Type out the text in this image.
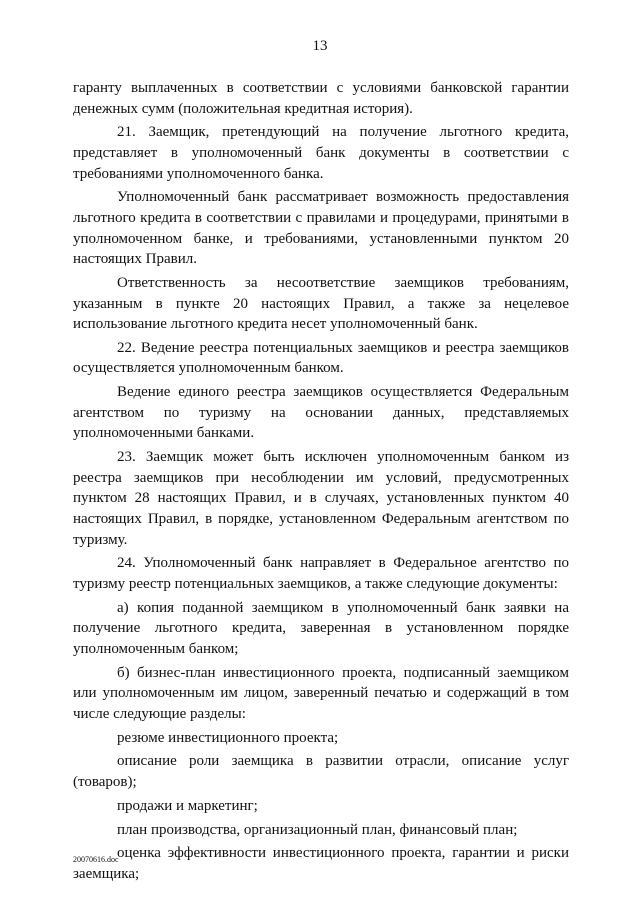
13

гаранту выплаченных в соответствии с условиями банковской гарантии денежных сумм (положительная кредитная история).

21. Заемщик, претендующий на получение льготного кредита, представляет в уполномоченный банк документы в соответствии с требованиями уполномоченного банка.

Уполномоченный банк рассматривает возможность предоставления льготного кредита в соответствии с правилами и процедурами, принятыми в уполномоченном банке, и требованиями, установленными пунктом 20 настоящих Правил.

Ответственность за несоответствие заемщиков требованиям, указанным в пункте 20 настоящих Правил, а также за нецелевое использование льготного кредита несет уполномоченный банк.

22. Ведение реестра потенциальных заемщиков и реестра заемщиков осуществляется уполномоченным банком.

Ведение единого реестра заемщиков осуществляется Федеральным агентством по туризму на основании данных, представляемых уполномоченными банками.

23. Заемщик может быть исключен уполномоченным банком из реестра заемщиков при несоблюдении им условий, предусмотренных пунктом 28 настоящих Правил, и в случаях, установленных пунктом 40 настоящих Правил, в порядке, установленном Федеральным агентством по туризму.

24. Уполномоченный банк направляет в Федеральное агентство по туризму реестр потенциальных заемщиков, а также следующие документы:

а) копия поданной заемщиком в уполномоченный банк заявки на получение льготного кредита, заверенная в установленном порядке уполномоченным банком;

б) бизнес-план инвестиционного проекта, подписанный заемщиком или уполномоченным им лицом, заверенный печатью и содержащий в том числе следующие разделы:

резюме инвестиционного проекта;

описание роли заемщика в развитии отрасли, описание услуг (товаров);

продажи и маркетинг;

план производства, организационный план, финансовый план;

оценка эффективности инвестиционного проекта, гарантии и риски заемщика;

20070616.doc
